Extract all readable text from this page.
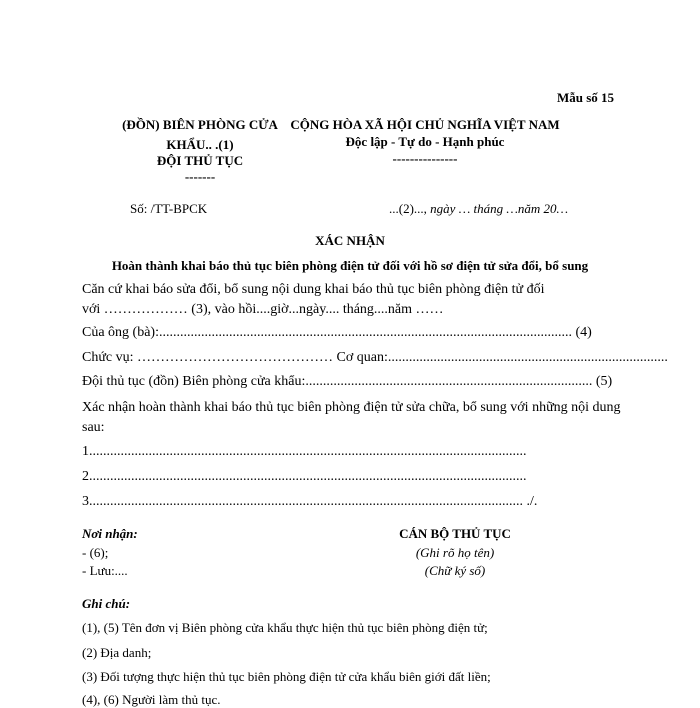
Mẫu số 15
(ĐỒN) BIÊN PHÒNG CỬA
KHẨU.. .(1)
ĐỘI THỦ TỤC
-------
CỘNG HÒA XÃ HỘI CHỦ NGHĨA VIỆT NAM
Độc lập - Tự do - Hạnh phúc
---------------
Số: /TT-BPCK	...(2)..., ngày … tháng …năm 20…
XÁC NHẬN
Hoàn thành khai báo thủ tục biên phòng điện tử đối với hồ sơ điện tử sửa đổi, bổ sung
Căn cứ khai báo sửa đổi, bổ sung nội dung khai báo thủ tục biên phòng điện tử đối
với ……………… (3), vào hồi....giờ...ngày.... tháng....năm ……
Của ông (bà):...................................................................................................................... (4)
Chức vụ: …………………………………… Cơ quan:................................................................................
Đội thủ tục (đồn) Biên phòng cửa khẩu:.................................................................................. (5)
Xác nhận hoàn thành khai báo thủ tục biên phòng điện tử sửa chữa, bổ sung với những nội dung
sau:
1.............................................................................................................................
2.............................................................................................................................
3............................................................................................................................ ./.
Nơi nhận:
- (6);
- Lưu:....
CÁN BỘ THỦ TỤC
(Ghi rõ họ tên)
(Chữ ký số)
Ghi chú:
(1), (5) Tên đơn vị Biên phòng cửa khẩu thực hiện thủ tục biên phòng điện tử;
(2) Địa danh;
(3) Đối tượng thực hiện thủ tục biên phòng điện tử cửa khẩu biên giới đất liền;
(4), (6) Người làm thủ tục.
